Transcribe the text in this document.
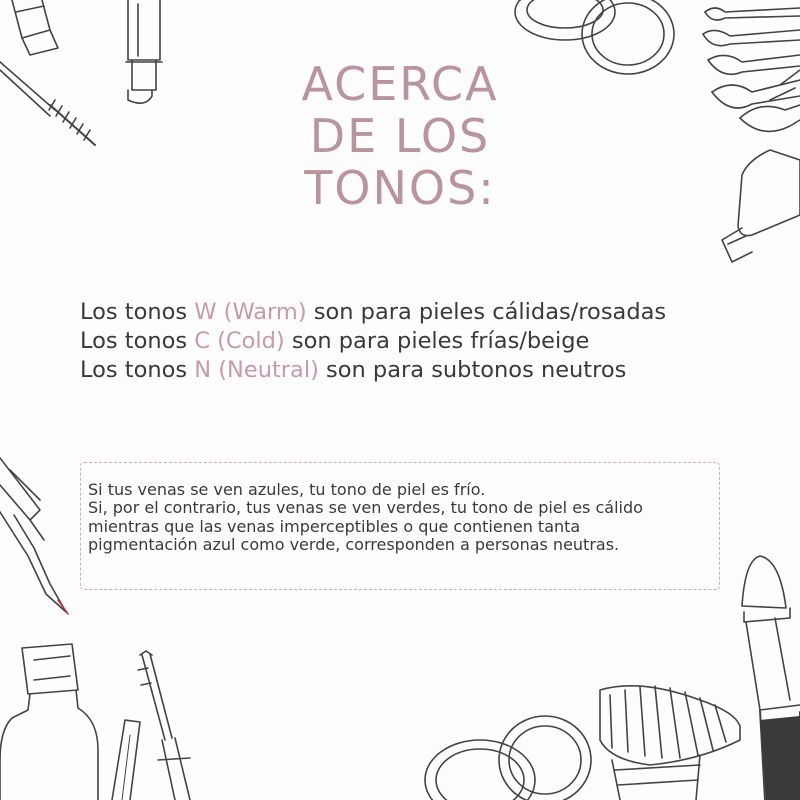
ACERCA
DE LOS
TONOS:
Los tonos W (Warm) son para pieles cálidas/rosadas
Los tonos C (Cold) son para pieles frías/beige
Los tonos N (Neutral) son para subtonos neutros
Si tus venas se ven azules, tu tono de piel es frío.
Si, por el contrario, tus venas se ven verdes, tu tono de piel es cálido
mientras que las venas imperceptibles o que contienen tanta
pigmentación azul como verde, corresponden a personas neutras.
